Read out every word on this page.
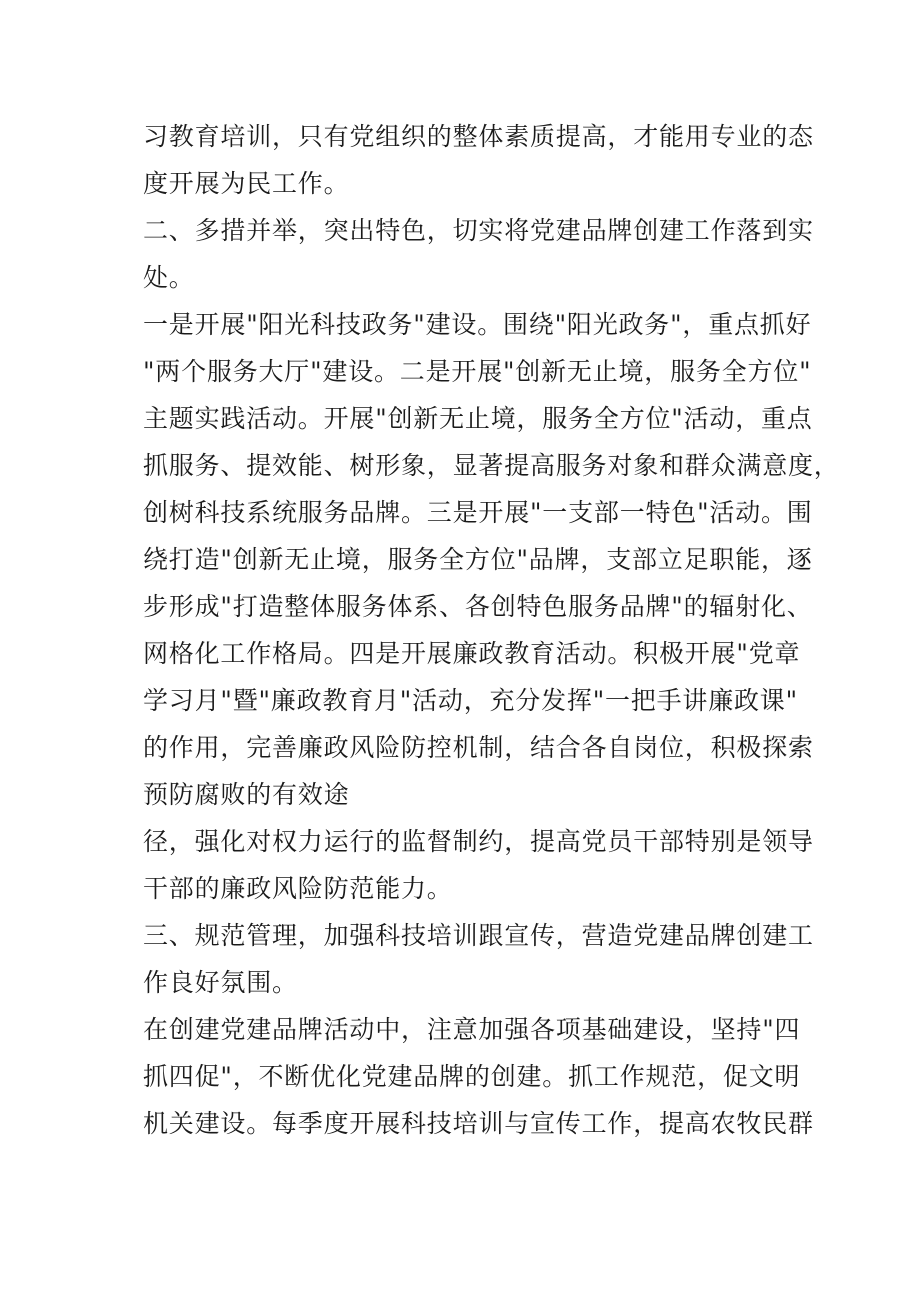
习教育培训，只有党组织的整体素质提高，才能用专业的态
度开展为民工作。
二、多措并举，突出特色，切实将党建品牌创建工作落到实
处。
一是开展"阳光科技政务"建设。围绕"阳光政务"，重点抓好
"两个服务大厅"建设。二是开展"创新无止境，服务全方位"
主题实践活动。开展"创新无止境，服务全方位"活动，重点
抓服务、提效能、树形象，显著提高服务对象和群众满意度，
创树科技系统服务品牌。三是开展"一支部一特色"活动。围
绕打造"创新无止境，服务全方位"品牌，支部立足职能，逐
步形成"打造整体服务体系、各创特色服务品牌"的辐射化、
网格化工作格局。四是开展廉政教育活动。积极开展"党章
学习月"暨"廉政教育月"活动，充分发挥"一把手讲廉政课"
的作用，完善廉政风险防控机制，结合各自岗位，积极探索
预防腐败的有效途
径，强化对权力运行的监督制约，提高党员干部特别是领导
干部的廉政风险防范能力。
三、规范管理，加强科技培训跟宣传，营造党建品牌创建工
作良好氛围。
在创建党建品牌活动中，注意加强各项基础建设，坚持"四
抓四促"，不断优化党建品牌的创建。抓工作规范，促文明
机关建设。每季度开展科技培训与宣传工作，提高农牧民群
